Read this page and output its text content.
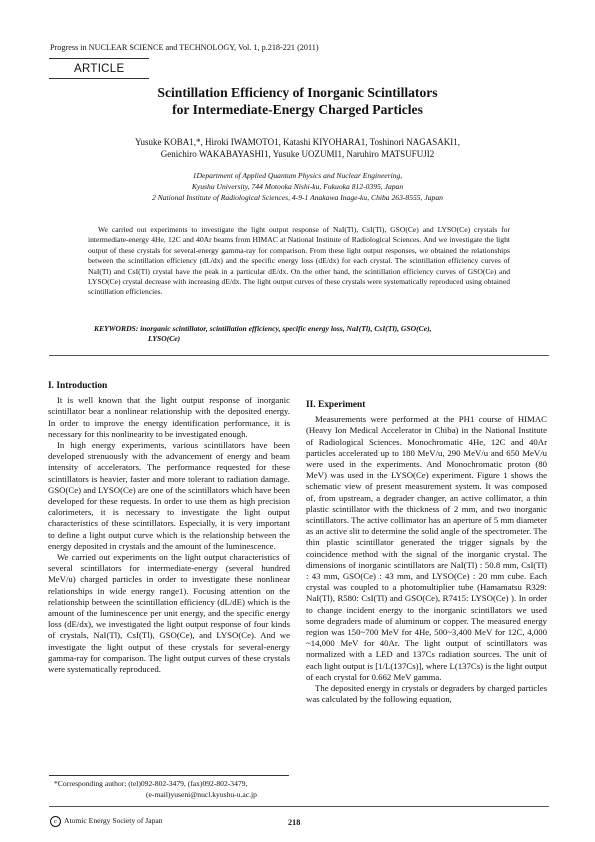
Progress in NUCLEAR SCIENCE and TECHNOLOGY, Vol. 1, p.218-221 (2011)
ARTICLE
Scintillation Efficiency of Inorganic Scintillators
for Intermediate-Energy Charged Particles
Yusuke KOBA1,*, Hiroki IWAMOTO1, Katashi KIYOHARA1, Toshinori NAGASAKI1,
Genichiro WAKABAYASHI1, Yusuke UOZUMI1, Naruhiro MATSUFUJI2
1Department of Applied Quantum Physics and Nuclear Engineering,
Kyushu University, 744 Motooka Nishi-ku, Fukuoka 812-0395, Japan
2 National Institute of Radiological Sciences, 4-9-1 Anakawa Inage-ku, Chiba 263-8555, Japan
We carried out experiments to investigate the light output response of NaI(Tl), CsI(Tl), GSO(Ce) and LYSO(Ce) crystals for intermediate-energy 4He, 12C and 40Ar beams from HIMAC at National Institute of Radiological Sciences. And we investigate the light output of these crystals for several-energy gamma-ray for comparison. From these light output responses, we obtained the relationships between the scintillation efficiency (dL/dx) and the specific energy loss (dE/dx) for each crystal. The scintillation efficiency curves of NaI(Tl) and CsI(Tl) crystal have the peak in a particular dE/dx. On the other hand, the scintillation efficiency curves of GSO(Ce) and LYSO(Ce) crystal decrease with increasing dE/dx. The light output curves of these crystals were systematically reproduced using obtained scintillation efficiencies.
KEYWORDS: inorganic scintillator, scintillation efficiency, specific energy loss, NaI(Tl), CsI(Tl), GSO(Ce),
LYSO(Ce)
I. Introduction

It is well known that the light output response of inorganic scintillator bear a nonlinear relationship with the deposited energy. In order to improve the energy identification performance, it is necessary for this nonlinearity to be investigated enough.

In high energy experiments, various scintillators have been developed strenuously with the advancement of energy and beam intensity of accelerators. The performance requested for these scintillators is heavier, faster and more tolerant to radiation damage. GSO(Ce) and LYSO(Ce) are one of the scintillators which have been developed for these requests. In order to use them as high precision calorimeters, it is necessary to investigate the light output characteristics of these scintillators. Especially, it is very important to define a light output curve which is the relationship between the energy deposited in crystals and the amount of the luminescence.

We carried out experiments on the light output characteristics of several scintillators for intermediate-energy (several hundred MeV/u) charged particles in order to investigate these nonlinear relationships in wide energy range1). Focusing attention on the relationship between the scintillation efficiency (dL/dE) which is the amount of the luminescence per unit energy, and the specific energy loss (dE/dx), we investigated the light output response of four kinds of crystals, NaI(Tl), CsI(Tl), GSO(Ce), and LYSO(Ce). And we investigate the light output of these crystals for several-energy gamma-ray for comparison. The light output curves of these crystals were systematically reproduced.

II. Experiment

Measurements were performed at the PH1 course of HIMAC (Heavy Ion Medical Accelerator in Chiba) in the National Institute of Radiological Sciences. Monochromatic 4He, 12C and 40Ar particles accelerated up to 180 MeV/u, 290 MeV/u and 650 MeV/u were used in the experiments. And Monochromatic proton (80 MeV) was used in the LYSO(Ce) experiment. Figure 1 shows the schematic view of present measurement system. It was composed of, from upstream, a degrader changer, an active collimator, a thin plastic scintillator with the thickness of 2 mm, and two inorganic scintillators. The active collimator has an aperture of 5 mm diameter as an active slit to determine the solid angle of the spectrometer. The thin plastic scintillator generated the trigger signals by the coincidence method with the signal of the inorganic crystal. The dimensions of inorganic scintillators are NaI(Tl) : 50.8 mm, CsI(Tl) : 43 mm, GSO(Ce) : 43 mm, and LYSO(Ce) : 20 mm cube. Each crystal was coupled to a photomultiplier tube (Hamamatsu R329: NaI(Tl), R580: CsI(Tl) and GSO(Ce), R7415: LYSO(Ce) ). In order to change incident energy to the inorganic scintillators we used some degraders made of aluminum or copper. The measured energy region was 150~700 MeV for 4He, 500~3,400 MeV for 12C, 4,000 ~14,000 MeV for 40Ar. The light output of scintillators was normalized with a LED and 137Cs radiation sources. The unit of each light output is [1/L(137Cs)], where L(137Cs) is the light output of each crystal for 0.662 MeV gamma.

The deposited energy in crystals or degraders by charged particles was calculated by the following equation,

*Corresponding author; (tel)092-802-3479, (fax)092-802-3479,
(e-mail)yuseni@nucl.kyushu-u.ac.jp
c Atomic Energy Society of Japan	218
